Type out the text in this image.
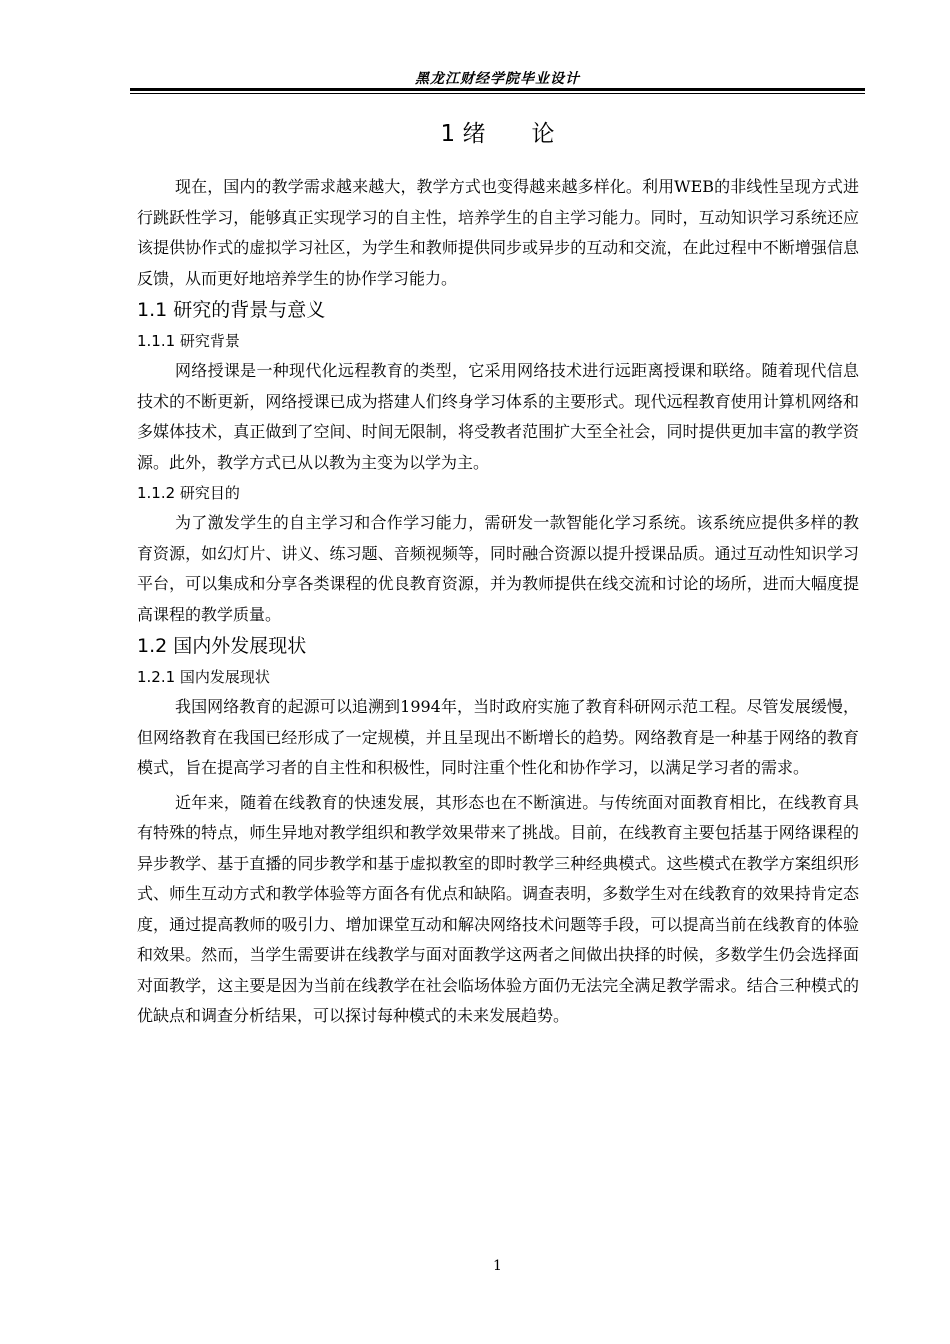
黑龙江财经学院毕业设计
1 绪　　论

现在，国内的教学需求越来越大，教学方式也变得越来越多样化。利用WEB的非线性呈现方式进行跳跃性学习，能够真正实现学习的自主性，培养学生的自主学习能力。同时，互动知识学习系统还应该提供协作式的虚拟学习社区，为学生和教师提供同步或异步的互动和交流，在此过程中不断增强信息反馈，从而更好地培养学生的协作学习能力。

1.1 研究的背景与意义
1.1.1 研究背景

网络授课是一种现代化远程教育的类型，它采用网络技术进行远距离授课和联络。随着现代信息技术的不断更新，网络授课已成为搭建人们终身学习体系的主要形式。现代远程教育使用计算机网络和多媒体技术，真正做到了空间、时间无限制，将受教者范围扩大至全社会，同时提供更加丰富的教学资源。此外，教学方式已从以教为主变为以学为主。

1.1.2 研究目的

为了激发学生的自主学习和合作学习能力，需研发一款智能化学习系统。该系统应提供多样的教育资源，如幻灯片、讲义、练习题、音频视频等，同时融合资源以提升授课品质。通过互动性知识学习平台，可以集成和分享各类课程的优良教育资源，并为教师提供在线交流和讨论的场所，进而大幅度提高课程的教学质量。

1.2 国内外发展现状
1.2.1 国内发展现状

我国网络教育的起源可以追溯到1994年，当时政府实施了教育科研网示范工程。尽管发展缓慢，但网络教育在我国已经形成了一定规模，并且呈现出不断增长的趋势。网络教育是一种基于网络的教育模式，旨在提高学习者的自主性和积极性，同时注重个性化和协作学习，以满足学习者的需求。

近年来，随着在线教育的快速发展，其形态也在不断演进。与传统面对面教育相比，在线教育具有特殊的特点，师生异地对教学组织和教学效果带来了挑战。目前，在线教育主要包括基于网络课程的异步教学、基于直播的同步教学和基于虚拟教室的即时教学三种经典模式。这些模式在教学方案组织形式、师生互动方式和教学体验等方面各有优点和缺陷。调查表明，多数学生对在线教育的效果持肯定态度，通过提高教师的吸引力、增加课堂互动和解决网络技术问题等手段，可以提高当前在线教育的体验和效果。然而，当学生需要讲在线教学与面对面教学这两者之间做出抉择的时候，多数学生仍会选择面对面教学，这主要是因为当前在线教学在社会临场体验方面仍无法完全满足教学需求。结合三种模式的优缺点和调查分析结果，可以探讨每种模式的未来发展趋势。

1
